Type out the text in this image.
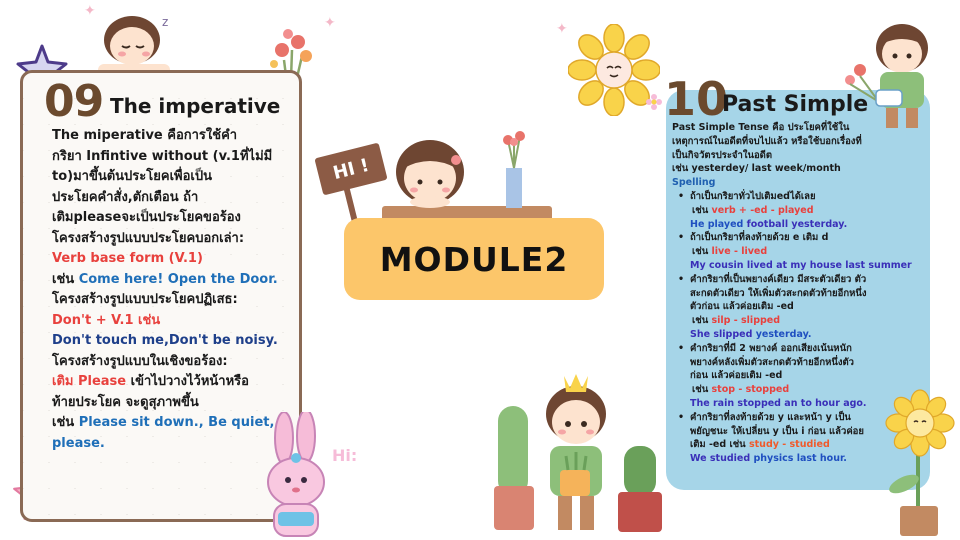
✦
✦	✦
z
09 The imperative
The miperative คือการใช้คำ
กริยา Infintive without (v.1ที่ไม่มี
to)มาขึ้นต้นประโยคเพื่อเป็น
ประโยคคำสั่ง,ตักเตือน ถ้า
เติมpleaseจะเป็นประโยคขอร้อง
โครงสร้างรูปแบบประโยคบอกเล่า:
Verb base form (V.1)
เช่น Come here! Open the Door.
โครงสร้างรูปแบบประโยคปฏิเสธ:
Don't + V.1 เช่น
Don't touch me,Don't be noisy.
โครงสร้างรูปแบบในเชิงขอร้อง:
เติม Please เข้าไปวางไว้หน้าหรือ
ท้ายประโยค จะดูสุภาพขึ้น
เช่น Please sit down., Be quiet,
please.
Hi:
HI !
MODULE2
10
Past Simple
Past Simple Tense คือ ประโยคที่ใช้ใน
เหตุการณ์ในอดีตที่จบไปแล้ว หรือใช้บอกเรื่องที่
เป็นกิจวัตรประจำในอดีต
เช่น yesterdey/ last week/month
Spelling
• ถ้าเป็นกริยาทั่วไปเติมedได้เลย
เช่น verb + -ed - played
He played football yesterday.
• ถ้าเป็นกริยาที่ลงท้ายด้วย e เติม d
เช่น live - lived
My cousin lived at my house last summer
• คำกริยาที่เป็นพยางค์เดียว มีสระตัวเดียว ตัว
สะกดตัวเดียว ให้เพิ่มตัวสะกดตัวท้ายอีกหนึ่ง
ตัวก่อน แล้วค่อยเติม -ed
เช่น silp - slipped
She slipped yesterday.
• คำกริยาที่มี 2 พยางค์ ออกเสียงเน้นหนัก
พยางค์หลังเพิ่มตัวสะกดตัวท้ายอีกหนึ่งตัว
ก่อน แล้วค่อยเติม -ed
เช่น stop - stopped
The rain stopped an to hour ago.
• คำกริยาที่ลงท้ายด้วย y และหน้า y เป็น
พยัญชนะ ให้เปลี่ยน y เป็น i ก่อน แล้วค่อย
เติม -ed เช่น study - studied
We studied physics last hour.
